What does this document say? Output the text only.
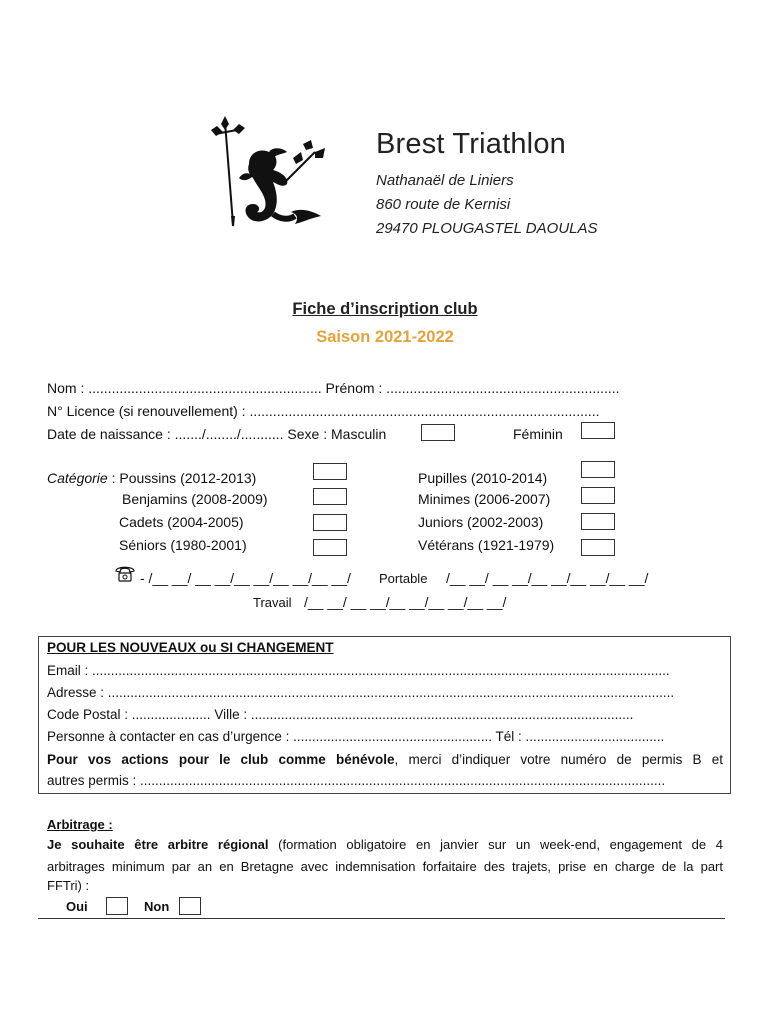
Brest Triathlon
Nathanaël de Liniers
860 route de Kernisi
29470 PLOUGASTEL DAOULAS
Fiche d’inscription club
Saison 2021-2022
Nom : ............................................................ Prénom : ............................................................
N° Licence (si renouvellement) : ..........................................................................................
Date de naissance : ......./......../........... Sexe : Masculin	Féminin
Catégorie : Poussins (2012-2013)
Benjamins (2008-2009)
Cadets (2004-2005)
Séniors (1980-2001)
Pupilles (2010-2014)
Minimes (2006-2007)
Juniors (2002-2003)
Vétérans (1921-1979)
- /__ __/ __ __/__ __/__ __/__ __/ Portable /__ __/ __ __/__ __/__ __/__ __/
Travail /__ __/ __ __/__ __/__ __/__ __/
POUR LES NOUVEAUX ou SI CHANGEMENT
Email : ..........................................................................................................................................................
Adresse : .......................................................................................................................................................
Code Postal : ..................... Ville : ......................................................................................................
Personne à contacter en cas d’urgence : ..................................................... Tél : .....................................
Pour vos actions pour le club comme bénévole, merci d’indiquer votre numéro de permis B et
autres permis : ............................................................................................................................................
Arbitrage :
Je souhaite être arbitre régional (formation obligatoire en janvier sur un week-end, engagement de 4
arbitrages minimum par an en Bretagne avec indemnisation forfaitaire des trajets, prise en charge de la part
FFTri) :
Oui	Non
